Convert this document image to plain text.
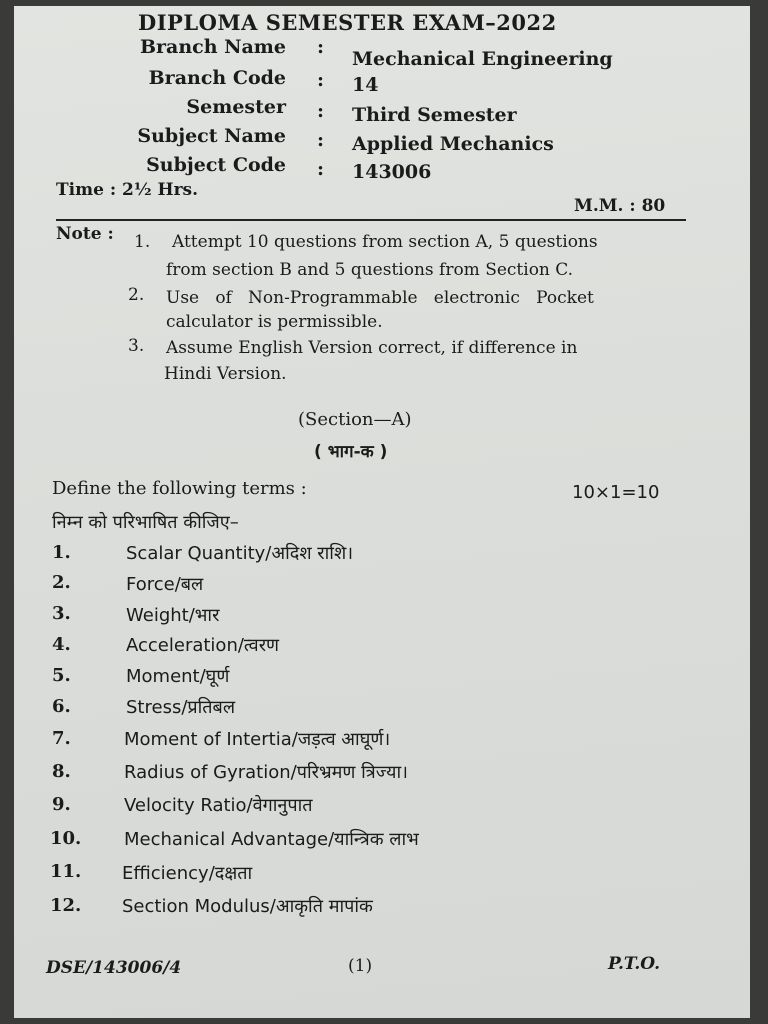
DIPLOMA SEMESTER EXAM–2022
Branch Name :
Mechanical Engineering
Branch Code : 14
Semester : Third Semester
Subject Name : Applied Mechanics
Subject Code : 143006
Time : 2½ Hrs.
M.M. : 80
Note : 1. Attempt 10 questions from section A, 5 questions
from section B and 5 questions from Section C.
2. Use   of   Non-Programmable   electronic   Pocket
calculator is permissible.
3. Assume English Version correct, if difference in
Hindi Version.
(Section—A)
( भाग-क )
Define the following terms :	10×1=10
निम्न को परिभाषित कीजिए–
1.	Scalar Quantity/अदिश राशि।
2.	Force/बल
3.	Weight/भार
4.	Acceleration/त्वरण
5.	Moment/घूर्ण
6.	Stress/प्रतिबल
7.	Moment of Intertia/जड़त्व आघूर्ण।
8.	Radius of Gyration/परिभ्रमण त्रिज्या।
9.	Velocity Ratio/वेगानुपात
10. Mechanical Advantage/यान्त्रिक लाभ
11. Efficiency/दक्षता
12. Section Modulus/आकृति मापांक
DSE/143006/4	(1)	P.T.O.
